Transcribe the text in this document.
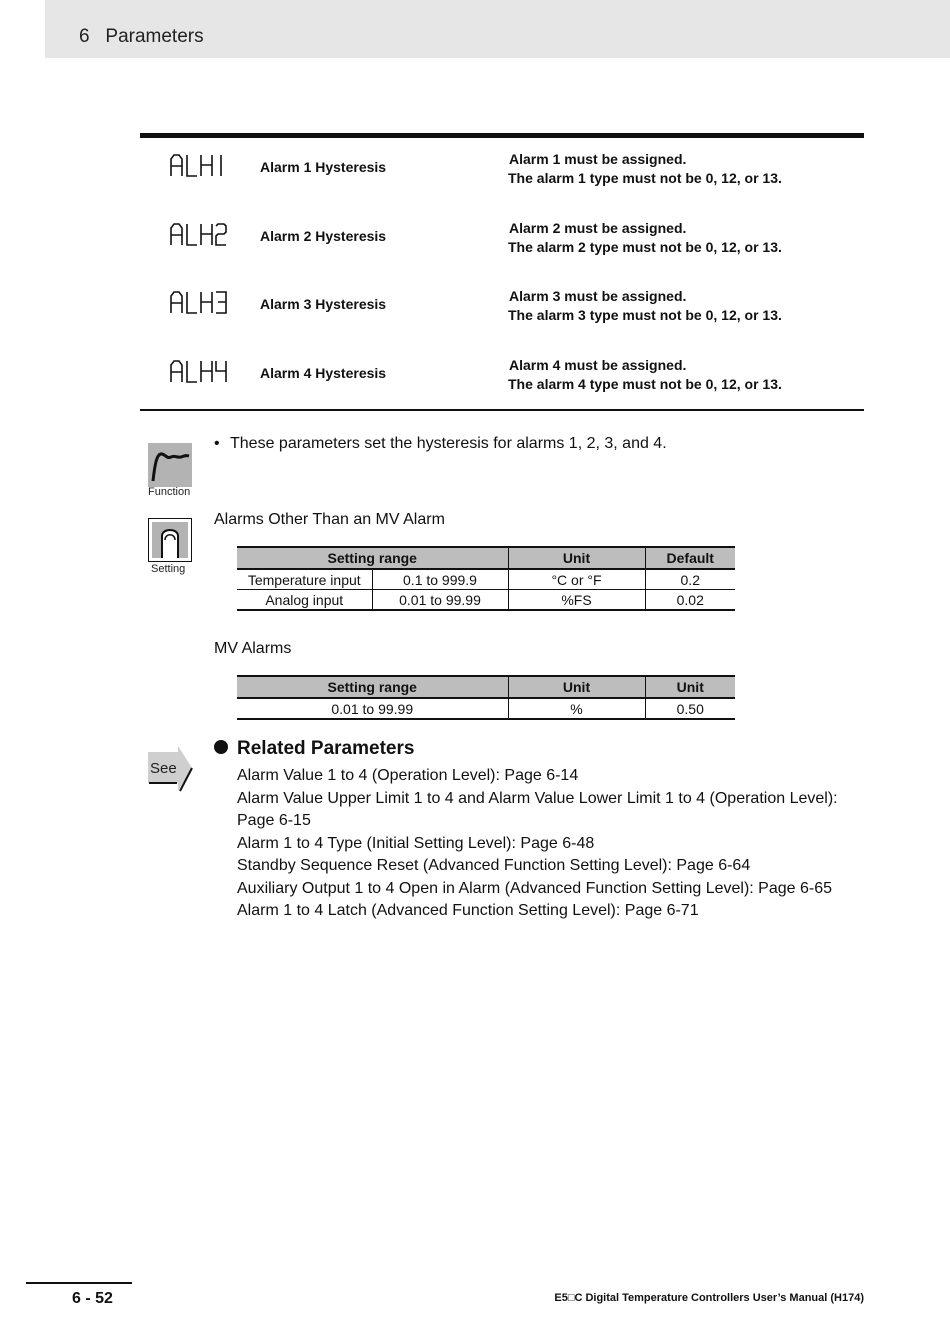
6   Parameters
Alarm 1 Hysteresis	Alarm 1 must be assigned.
The alarm 1 type must not be 0, 12, or 13.
Alarm 2 Hysteresis	Alarm 2 must be assigned.
The alarm 2 type must not be 0, 12, or 13.
Alarm 3 Hysteresis	Alarm 3 must be assigned.
The alarm 3 type must not be 0, 12, or 13.
Alarm 4 Hysteresis	Alarm 4 must be assigned.
The alarm 4 type must not be 0, 12, or 13.
Function
• These parameters set the hysteresis for alarms 1, 2, 3, and 4.
Setting
Alarms Other Than an MV Alarm
Setting range		Unit	Default
Temperature input	0.1 to 999.9	°C or °F	0.2
Analog input	0.01 to 99.99	%FS	0.02
MV Alarms
Setting range	Unit	Unit
0.01 to 99.99	%	0.50
See
Related Parameters
Alarm Value 1 to 4 (Operation Level): Page 6-14
Alarm Value Upper Limit 1 to 4 and Alarm Value Lower Limit 1 to 4 (Operation Level):
Page 6-15
Alarm 1 to 4 Type (Initial Setting Level): Page 6-48
Standby Sequence Reset (Advanced Function Setting Level): Page 6-64
Auxiliary Output 1 to 4 Open in Alarm (Advanced Function Setting Level): Page 6-65
Alarm 1 to 4 Latch (Advanced Function Setting Level): Page 6-71
6 - 52	E5□C Digital Temperature Controllers User’s Manual (H174)
